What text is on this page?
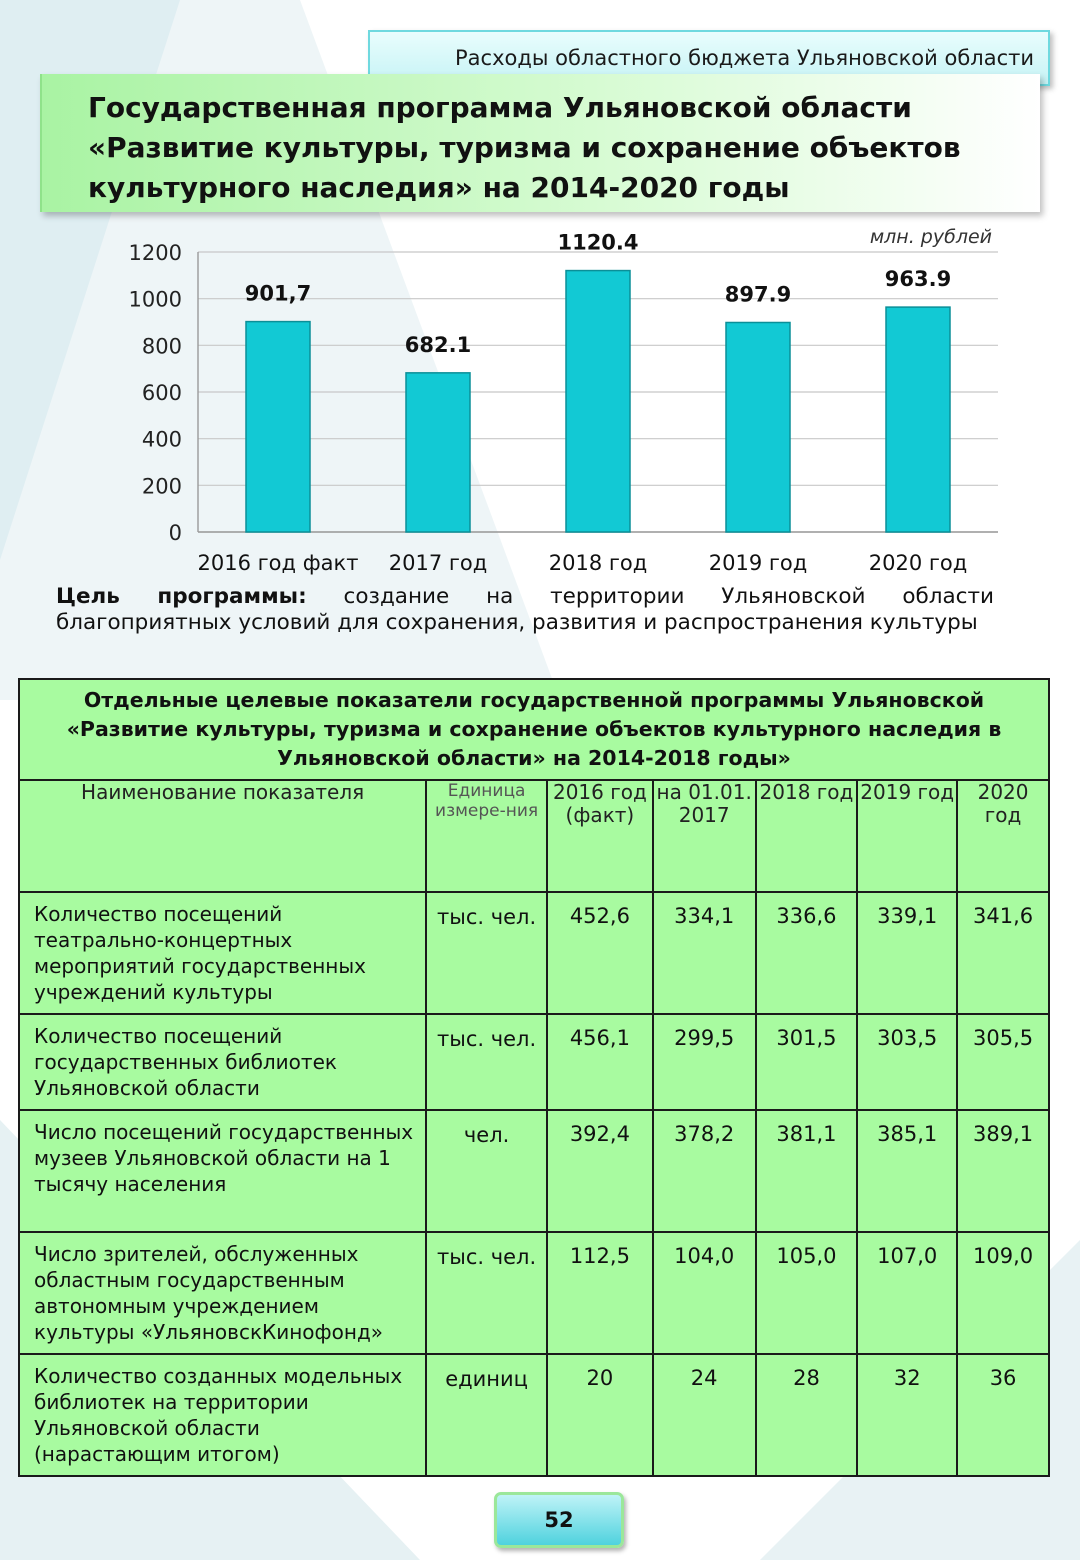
Расходы областного бюджета Ульяновской области
Государственная программа Ульяновской области «Развитие культуры, туризма и сохранение объектов культурного наследия» на 2014-2020 годы
млн. рублей
0
200
400
600
800
1000
1200
901,7
2016 год факт
682.1
2017 год
1120.4
2018 год
897.9
2019 год
963.9
2020 год
Цель программы: создание на территории Ульяновской области благоприятных условий для сохранения, развития и распространения культуры
Отдельные целевые показатели государственной программы Ульяновской «Развитие культуры, туризма и сохранение объектов культурного наследия в Ульяновской области» на 2014-2018 годы»						
Наименование показателя	Единица измере-ния	2016 год (факт)	на 01.01. 2017	2018 год	2019 год	2020 год
Количество посещений театрально-концертных мероприятий государственных учреждений культуры	тыс. чел.	452,6	334,1	336,6	339,1	341,6
Количество посещений государственных библиотек Ульяновской области	тыс. чел.	456,1	299,5	301,5	303,5	305,5
Число посещений государственных музеев Ульяновской области на 1 тысячу населения	чел.	392,4	378,2	381,1	385,1	389,1
Число зрителей, обслуженных областным государственным автономным учреждением культуры «УльяновскКинофонд»	тыс. чел.	112,5	104,0	105,0	107,0	109,0
Количество созданных модельных библиотек на территории Ульяновской области (нарастающим итогом)	единиц	20	24	28	32	36
52
